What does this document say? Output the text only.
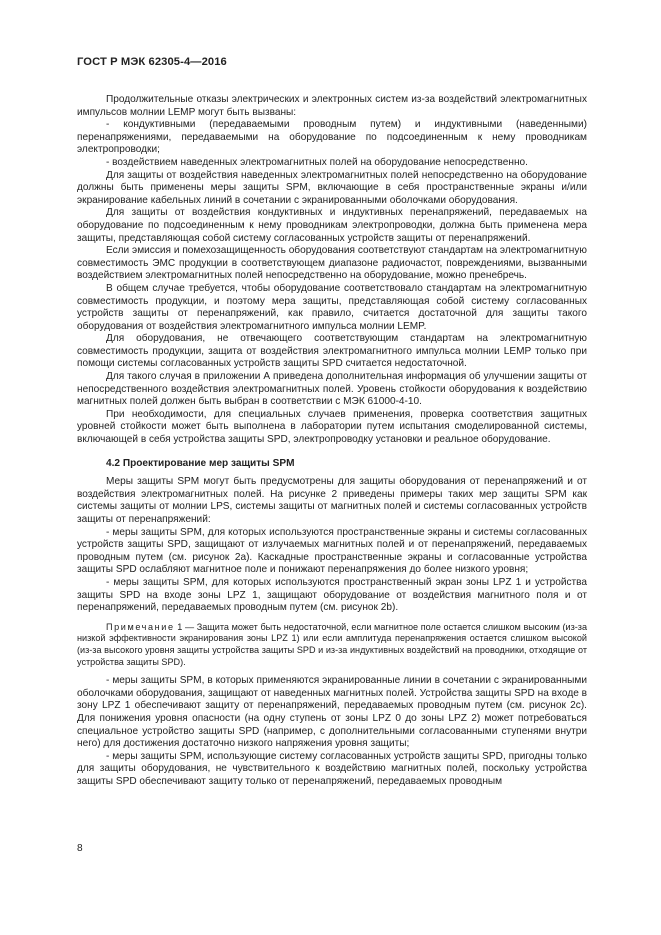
ГОСТ Р МЭК 62305-4—2016

Продолжительные отказы электрических и электронных систем из-за воздействий электромагнитных импульсов молнии LEMP могут быть вызваны:

- кондуктивными (передаваемыми проводным путем) и индуктивными (наведенными) перенапряжениями, передаваемыми на оборудование по подсоединенным к нему проводникам электропроводки;

- воздействием наведенных электромагнитных полей на оборудование непосредственно.

Для защиты от воздействия наведенных электромагнитных полей непосредственно на оборудование должны быть применены меры защиты SPM, включающие в себя пространственные экраны и/или экранирование кабельных линий в сочетании с экранированными оболочками оборудования.

Для защиты от воздействия кондуктивных и индуктивных перенапряжений, передаваемых на оборудование по подсоединенным к нему проводникам электропроводки, должна быть применена мера защиты, представляющая собой систему согласованных устройств защиты от перенапряжений.

Если эмиссия и помехозащищенность оборудования соответствуют стандартам на электромагнитную совместимость ЭМС продукции в соответствующем диапазоне радиочастот, повреждениями, вызванными воздействием электромагнитных полей непосредственно на оборудование, можно пренебречь.

В общем случае требуется, чтобы оборудование соответствовало стандартам на электромагнитную совместимость продукции, и поэтому мера защиты, представляющая собой систему согласованных устройств защиты от перенапряжений, как правило, считается достаточной для защиты такого оборудования от воздействия электромагнитного импульса молнии LEMP.

Для оборудования, не отвечающего соответствующим стандартам на электромагнитную совместимость продукции, защита от воздействия электромагнитного импульса молнии LEMP только при помощи системы согласованных устройств защиты SPD считается недостаточной.

Для такого случая в приложении А приведена дополнительная информация об улучшении защиты от непосредственного воздействия электромагнитных полей. Уровень стойкости оборудования к воздействию магнитных полей должен быть выбран в соответствии с МЭК 61000-4-10.

При необходимости, для специальных случаев применения, проверка соответствия защитных уровней стойкости может быть выполнена в лаборатории путем испытания смоделированной системы, включающей в себя устройства защиты SPD, электропроводку установки и реальное оборудование.

4.2 Проектирование мер защиты SPM

Меры защиты SPM могут быть предусмотрены для защиты оборудования от перенапряжений и от воздействия электромагнитных полей. На рисунке 2 приведены примеры таких мер защиты SPM как системы защиты от молнии LPS, системы защиты от магнитных полей и системы согласованных устройств защиты от перенапряжений:

- меры защиты SPM, для которых используются пространственные экраны и системы согласованных устройств защиты SPD, защищают от излучаемых магнитных полей и от перенапряжений, передаваемых проводным путем (см. рисунок 2а). Каскадные пространственные экраны и согласованные устройства защиты SPD ослабляют магнитное поле и понижают перенапряжения до более низкого уровня;

- меры защиты SPM, для которых используются пространственный экран зоны LPZ 1 и устройства защиты SPD на входе зоны LPZ 1, защищают оборудование от воздействия магнитного поля и от перенапряжений, передаваемых проводным путем (см. рисунок 2b).

Примечание 1 — Защита может быть недостаточной, если магнитное поле остается слишком высоким (из-за низкой эффективности экранирования зоны LPZ 1) или если амплитуда перенапряжения остается слишком высокой (из-за высокого уровня защиты устройства защиты SPD и из-за индуктивных воздействий на проводники, отходящие от устройства защиты SPD).

- меры защиты SPM, в которых применяются экранированные линии в сочетании с экранированными оболочками оборудования, защищают от наведенных магнитных полей. Устройства защиты SPD на входе в зону LPZ 1 обеспечивают защиту от перенапряжений, передаваемых проводным путем (см. рисунок 2c). Для понижения уровня опасности (на одну ступень от зоны LPZ 0 до зоны LPZ 2) может потребоваться специальное устройство защиты SPD (например, с дополнительными согласованными ступенями внутри него) для достижения достаточно низкого напряжения уровня защиты;

- меры защиты SPM, использующие систему согласованных устройств защиты SPD, пригодны только для защиты оборудования, не чувствительного к воздействию магнитных полей, поскольку устройства защиты SPD обеспечивают защиту только от перенапряжений, передаваемых проводным

8
